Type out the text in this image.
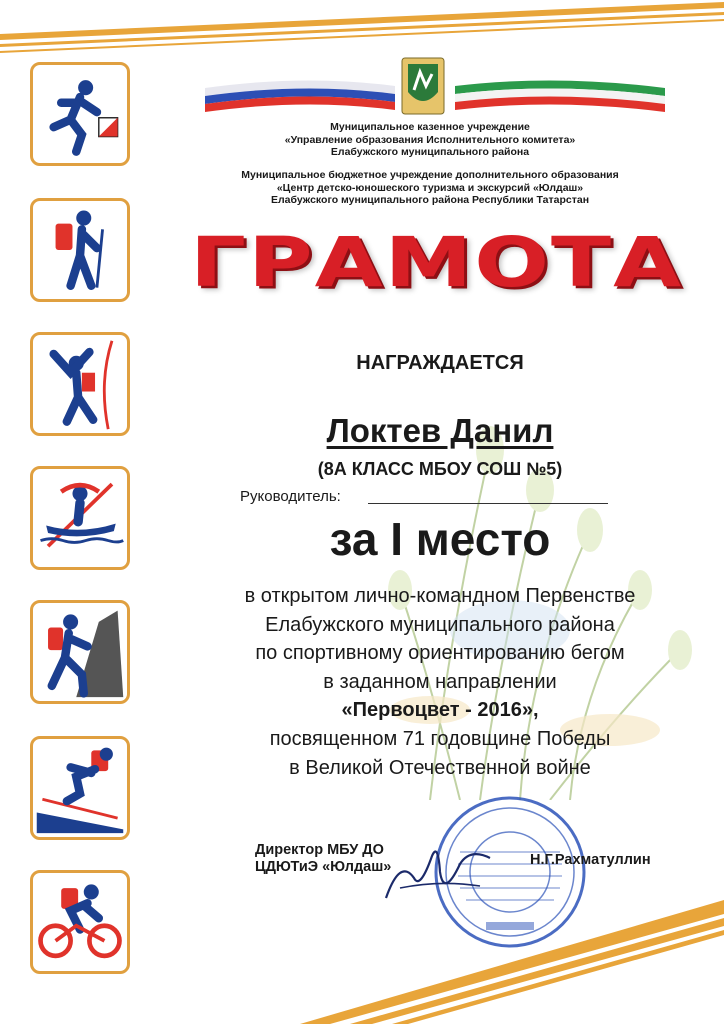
Муниципальное казенное учреждение
«Управление образования Исполнительного комитета»
Елабужского муниципального района
Муниципальное бюджетное учреждение дополнительного образования
«Центр детско-юношеского туризма и экскурсий «Юлдаш»
Елабужского муниципального района Республики Татарстан
ГРАМОТА
НАГРАЖДАЕТСЯ
Локтев Данил
(8А КЛАСС МБОУ СОШ №5)
Руководитель:
за I место
в открытом лично-командном Первенстве
Елабужского муниципального района
по спортивному ориентированию бегом
в заданном направлении
«Первоцвет - 2016»,
посвященном 71 годовщине Победы
в Великой Отечественной войне
Директор МБУ ДО
ЦДЮТиЭ «Юлдаш»	Н.Г.Рахматуллин
